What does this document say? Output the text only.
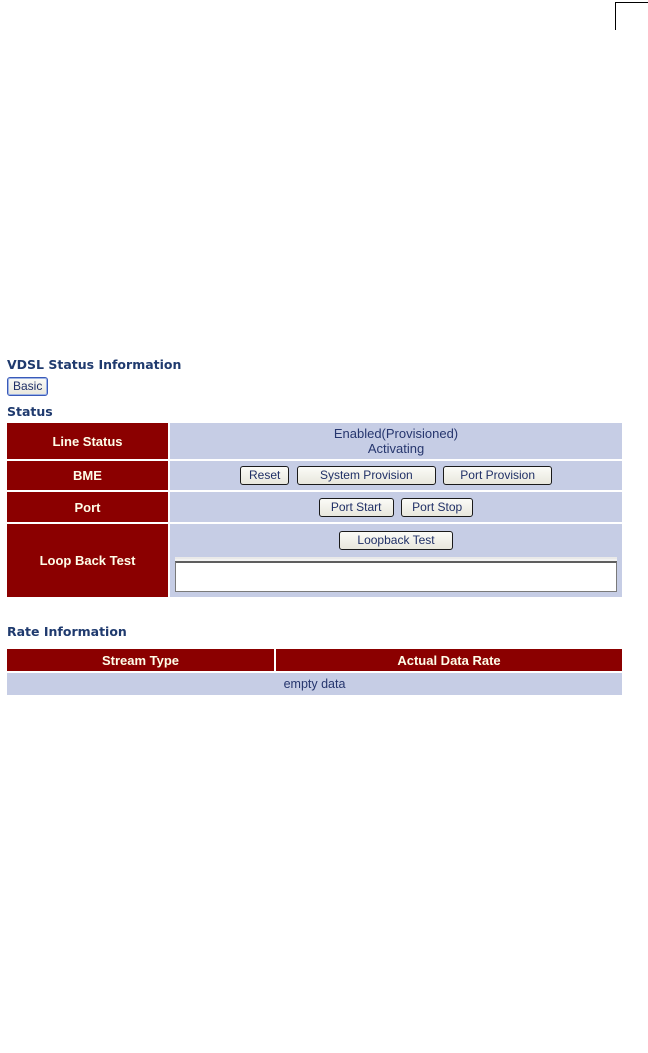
VDSL Status Information
Basic
Status
Line Status	Enabled(Provisioned)
Activating

BME	Reset System Provision Port Provision
Port	Port Start Port Stop
Loop Back Test	Loopback Test
Rate Information
Stream Type	Actual Data Rate
empty data
